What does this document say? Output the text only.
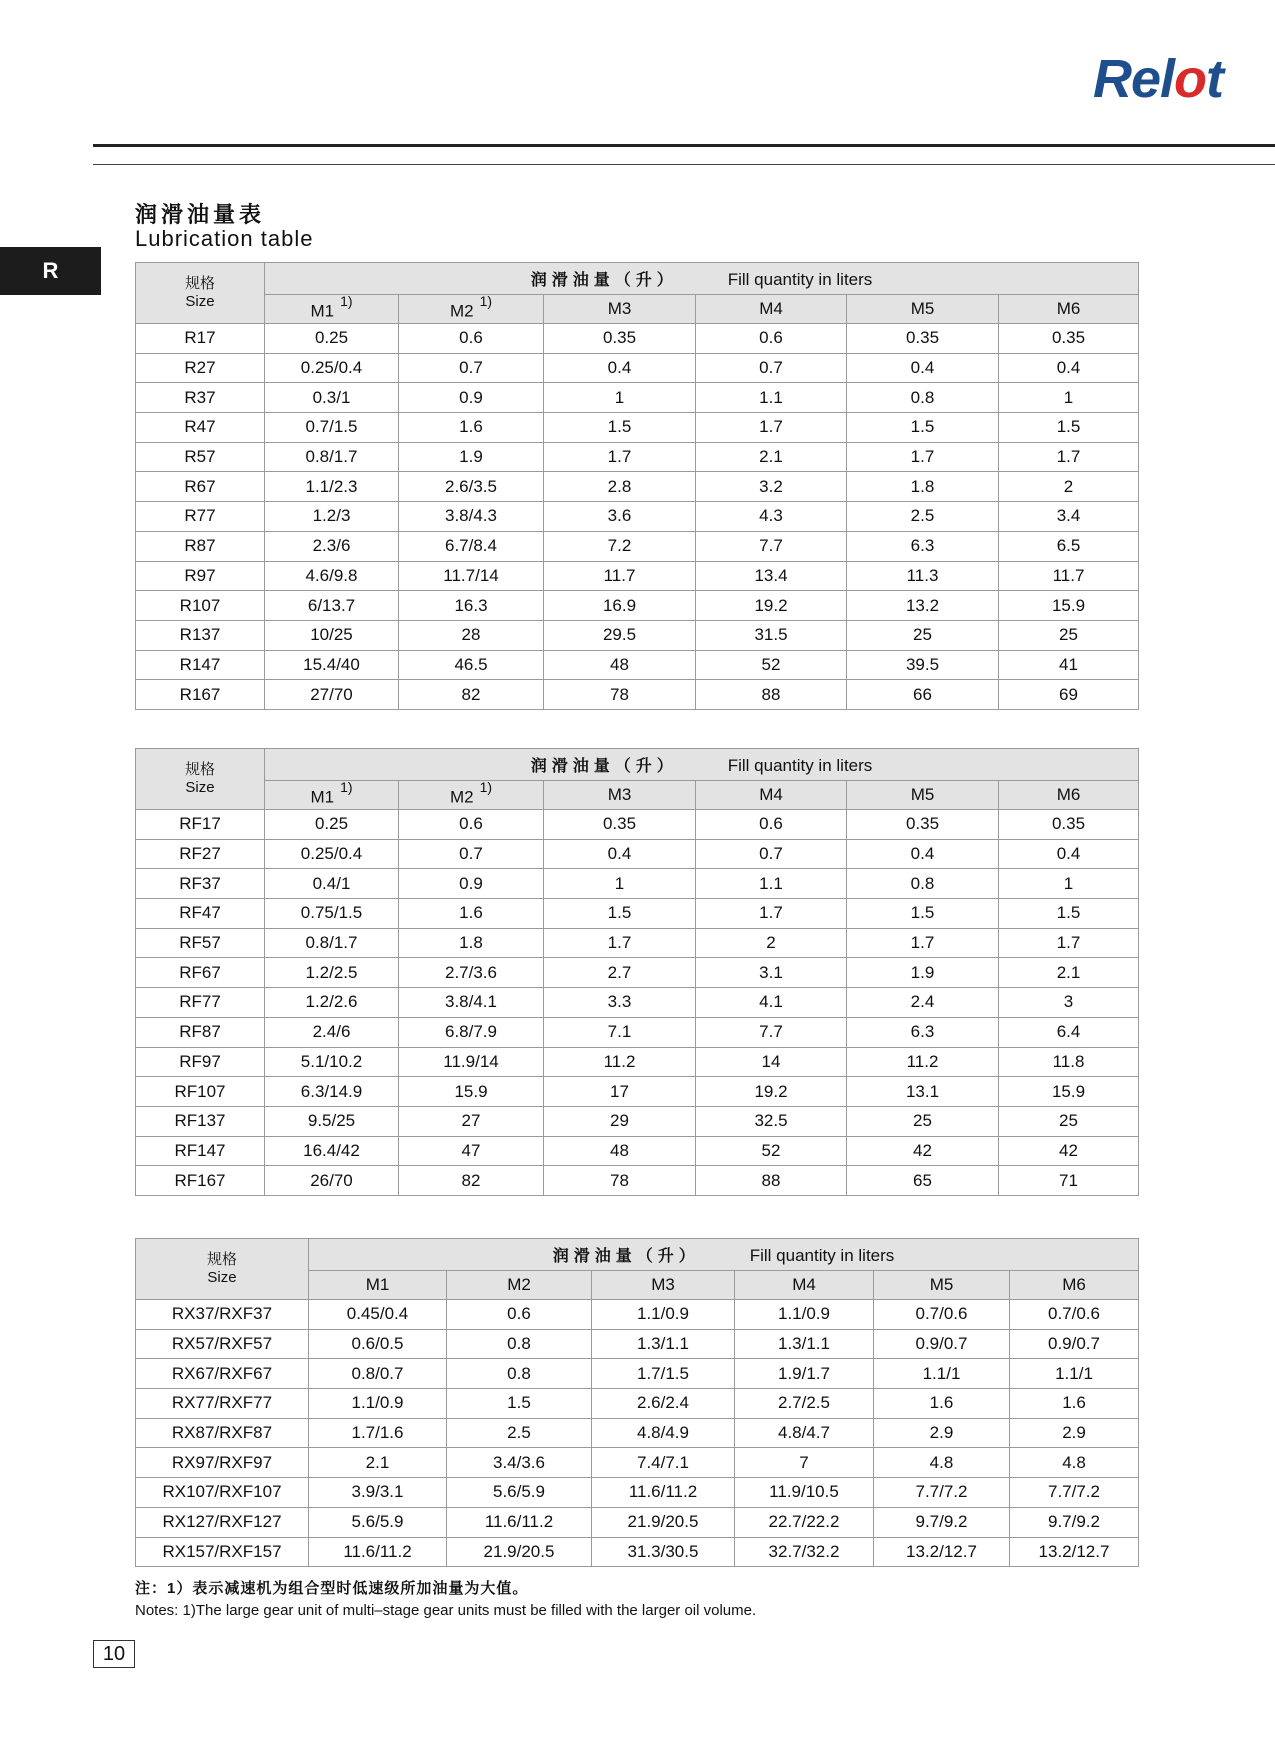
Relot
R
润滑油量表
Lubrication table
规格
Size	润滑油量（升） Fill quantity in liters					
	M1$^{1)}$	M2$^{1)}$	M3	M4	M5	M6
R17	0.25	0.6	0.35	0.6	0.35	0.35
R27	0.25/0.4	0.7	0.4	0.7	0.4	0.4
R37	0.3/1	0.9	1	1.1	0.8	1
R47	0.7/1.5	1.6	1.5	1.7	1.5	1.5
R57	0.8/1.7	1.9	1.7	2.1	1.7	1.7
R67	1.1/2.3	2.6/3.5	2.8	3.2	1.8	2
R77	1.2/3	3.8/4.3	3.6	4.3	2.5	3.4
R87	2.3/6	6.7/8.4	7.2	7.7	6.3	6.5
R97	4.6/9.8	11.7/14	11.7	13.4	11.3	11.7
R107	6/13.7	16.3	16.9	19.2	13.2	15.9
R137	10/25	28	29.5	31.5	25	25
R147	15.4/40	46.5	48	52	39.5	41
R167	27/70	82	78	88	66	69
规格
Size	润滑油量（升） Fill quantity in liters					
	M1$^{1)}$	M2$^{1)}$	M3	M4	M5	M6
RF17	0.25	0.6	0.35	0.6	0.35	0.35
RF27	0.25/0.4	0.7	0.4	0.7	0.4	0.4
RF37	0.4/1	0.9	1	1.1	0.8	1
RF47	0.75/1.5	1.6	1.5	1.7	1.5	1.5
RF57	0.8/1.7	1.8	1.7	2	1.7	1.7
RF67	1.2/2.5	2.7/3.6	2.7	3.1	1.9	2.1
RF77	1.2/2.6	3.8/4.1	3.3	4.1	2.4	3
RF87	2.4/6	6.8/7.9	7.1	7.7	6.3	6.4
RF97	5.1/10.2	11.9/14	11.2	14	11.2	11.8
RF107	6.3/14.9	15.9	17	19.2	13.1	15.9
RF137	9.5/25	27	29	32.5	25	25
RF147	16.4/42	47	48	52	42	42
RF167	26/70	82	78	88	65	71
规格
Size	润滑油量（升） Fill quantity in liters					
	M1	M2	M3	M4	M5	M6
RX37/RXF37	0.45/0.4	0.6	1.1/0.9	1.1/0.9	0.7/0.6	0.7/0.6
RX57/RXF57	0.6/0.5	0.8	1.3/1.1	1.3/1.1	0.9/0.7	0.9/0.7
RX67/RXF67	0.8/0.7	0.8	1.7/1.5	1.9/1.7	1.1/1	1.1/1
RX77/RXF77	1.1/0.9	1.5	2.6/2.4	2.7/2.5	1.6	1.6
RX87/RXF87	1.7/1.6	2.5	4.8/4.9	4.8/4.7	2.9	2.9
RX97/RXF97	2.1	3.4/3.6	7.4/7.1	7	4.8	4.8
RX107/RXF107	3.9/3.1	5.6/5.9	11.6/11.2	11.9/10.5	7.7/7.2	7.7/7.2
RX127/RXF127	5.6/5.9	11.6/11.2	21.9/20.5	22.7/22.2	9.7/9.2	9.7/9.2
RX157/RXF157	11.6/11.2	21.9/20.5	31.3/30.5	32.7/32.2	13.2/12.7	13.2/12.7
注：1）表示减速机为组合型时低速级所加油量为大值。
Notes: 1)The large gear unit of multi–stage gear units must be filled with the larger oil volume.
10
